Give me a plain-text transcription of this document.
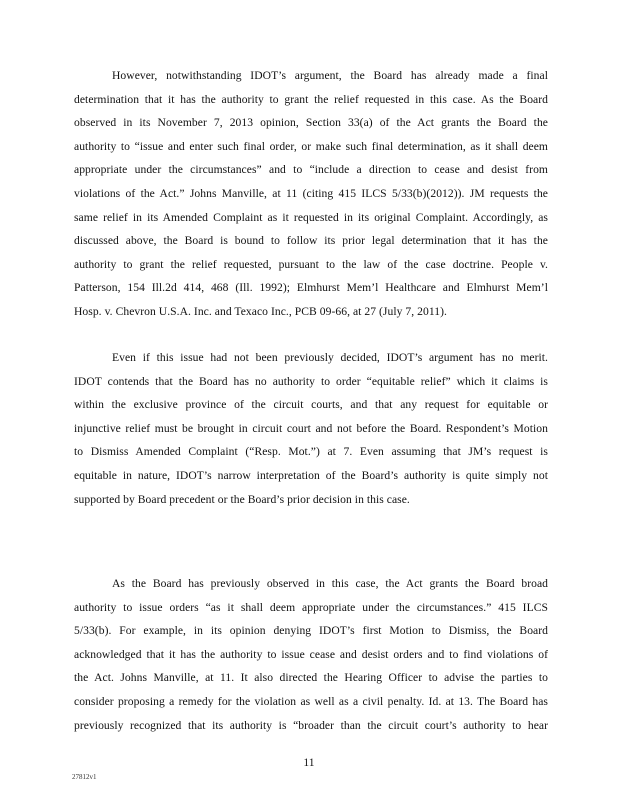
However, notwithstanding IDOT’s argument, the Board has already made a final
determination that it has the authority to grant the relief requested in this case. As the Board
observed in its November 7, 2013 opinion, Section 33(a) of the Act grants the Board the
authority to “issue and enter such final order, or make such final determination, as it shall deem
appropriate under the circumstances” and to “include a direction to cease and desist from
violations of the Act.” Johns Manville, at 11 (citing 415 ILCS 5/33(b)(2012)). JM requests the
same relief in its Amended Complaint as it requested in its original Complaint. Accordingly, as
discussed above, the Board is bound to follow its prior legal determination that it has the
authority to grant the relief requested, pursuant to the law of the case doctrine. People v.
Patterson, 154 Ill.2d 414, 468 (Ill. 1992); Elmhurst Mem’l Healthcare and Elmhurst Mem’l
Hosp. v. Chevron U.S.A. Inc. and Texaco Inc., PCB 09-66, at 27 (July 7, 2011).
Even if this issue had not been previously decided, IDOT’s argument has no merit.
IDOT contends that the Board has no authority to order “equitable relief” which it claims is
within the exclusive province of the circuit courts, and that any request for equitable or
injunctive relief must be brought in circuit court and not before the Board. Respondent’s Motion
to Dismiss Amended Complaint (“Resp. Mot.”) at 7. Even assuming that JM’s request is
equitable in nature, IDOT’s narrow interpretation of the Board’s authority is quite simply not
supported by Board precedent or the Board’s prior decision in this case.
As the Board has previously observed in this case, the Act grants the Board broad
authority to issue orders “as it shall deem appropriate under the circumstances.” 415 ILCS
5/33(b). For example, in its opinion denying IDOT’s first Motion to Dismiss, the Board
acknowledged that it has the authority to issue cease and desist orders and to find violations of
the Act. Johns Manville, at 11. It also directed the Hearing Officer to advise the parties to
consider proposing a remedy for the violation as well as a civil penalty. Id. at 13. The Board has
previously recognized that its authority is “broader than the circuit court’s authority to hear
11
27812v1
